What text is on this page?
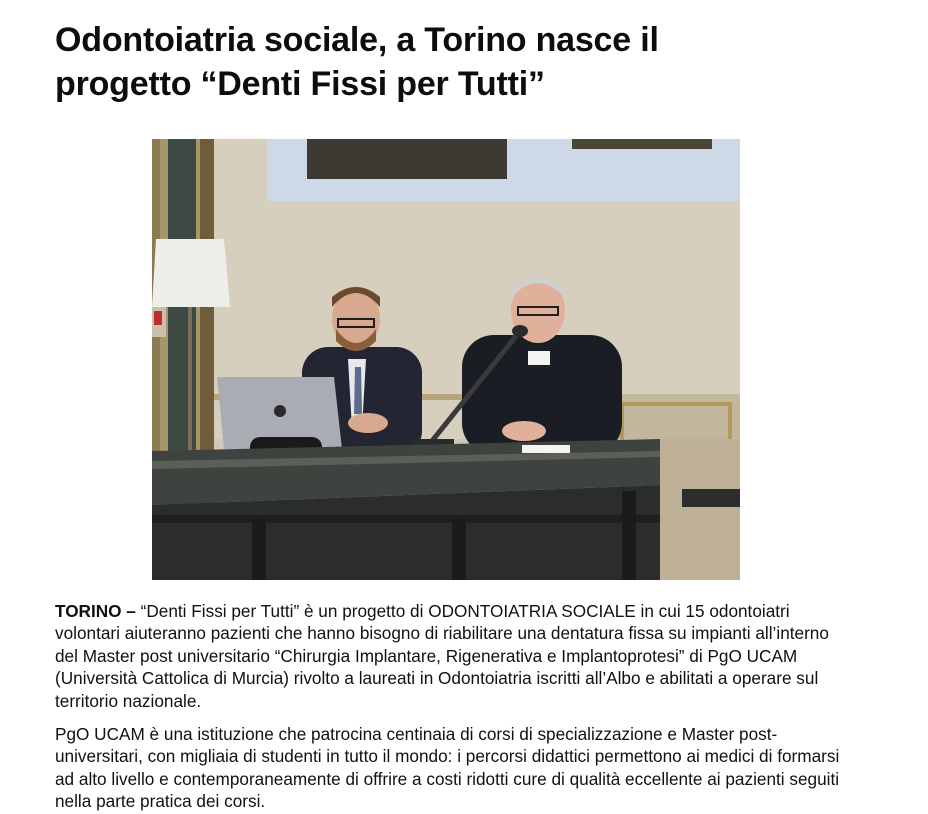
Odontoiatria sociale, a Torino nasce il
progetto “Denti Fissi per Tutti”

TORINO – “Denti Fissi per Tutti” è un progetto di ODONTOIATRIA SOCIALE in cui 15 odontoiatri volontari aiuteranno pazienti che hanno bisogno di riabilitare una dentatura fissa su impianti all’interno del Master post universitario “Chirurgia Implantare, Rigenerativa e Implantoprotesi” di PgO UCAM (Università Cattolica di Murcia) rivolto a laureati in Odontoiatria iscritti all’Albo e abilitati a operare sul territorio nazionale.

PgO UCAM è una istituzione che patrocina centinaia di corsi di specializzazione e Master post-universitari, con migliaia di studenti in tutto il mondo: i percorsi didattici permettono ai medici di formarsi ad alto livello e contemporaneamente di offrire a costi ridotti cure di qualità eccellente ai pazienti seguiti nella parte pratica dei corsi.
